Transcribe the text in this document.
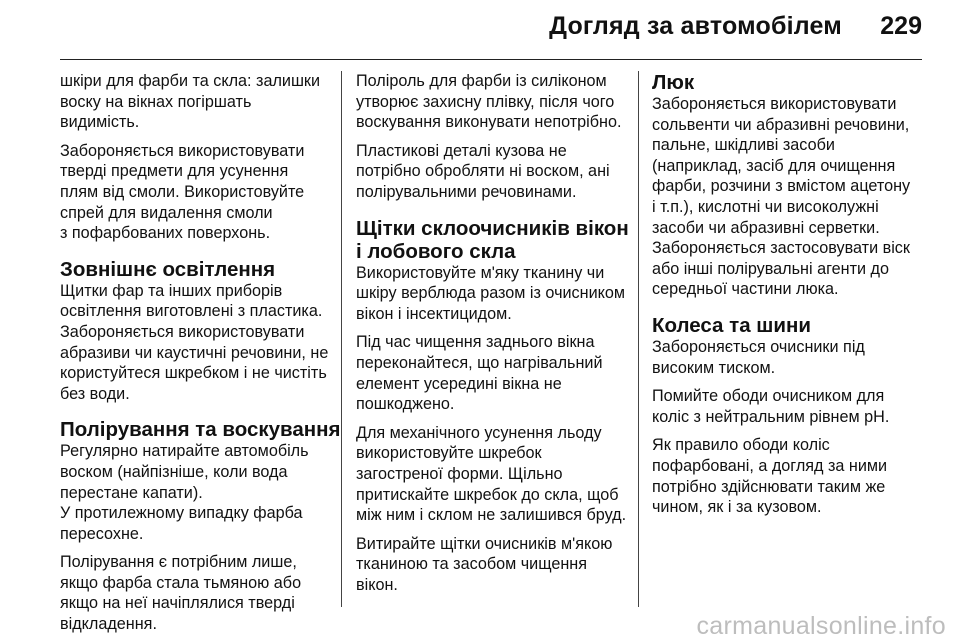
Догляд за автомобілем 229
шкіри для фарби та скла: залишки
воску на вікнах погіршать
видимість.
Забороняється використовувати
тверді предмети для усунення
плям від смоли. Використовуйте
спрей для видалення смоли
з пофарбованих поверхонь.
Зовнішнє освітлення
Щитки фар та інших приборів
освітлення виготовлені з пластика.
Забороняється використовувати
абразиви чи каустичні речовини, не
користуйтеся шкребком і не чистіть
без води.
Полірування та воскування
Регулярно натирайте автомобіль
воском (найпізніше, коли вода
перестане капати).
У протилежному випадку фарба
пересохне.
Полірування є потрібним лише,
якщо фарба стала тьмяною або
якщо на неї начіплялися тверді
відкладення.
Поліроль для фарби із силіконом
утворює захисну плівку, після чого
воскування виконувати непотрібно.
Пластикові деталі кузова не
потрібно обробляти ні воском, ані
полірувальними речовинами.
Щітки склоочисників вікон
і лобового скла
Використовуйте м'яку тканину чи
шкіру верблюда разом із очисником
вікон і інсектицидом.
Під час чищення заднього вікна
переконайтеся, що нагрівальний
елемент усередині вікна не
пошкоджено.
Для механічного усунення льоду
використовуйте шкребок
загостреної форми. Щільно
притискайте шкребок до скла, щоб
між ним і склом не залишився бруд.
Витирайте щітки очисників м'якою
тканиною та засобом чищення
вікон.
Люк
Забороняється використовувати
сольвенти чи абразивні речовини,
пальне, шкідливі засоби
(наприклад, засіб для очищення
фарби, розчини з вмістом ацетону
і т.п.), кислотні чи високолужні
засоби чи абразивні серветки.
Забороняється застосовувати віск
або інші полірувальні агенти до
середньої частини люка.
Колеса та шини
Забороняється очисники під
високим тиском.
Помийте ободи очисником для
коліс з нейтральним рівнем pH.
Як правило ободи коліс
пофарбовані, а догляд за ними
потрібно здійснювати таким же
чином, як і за кузовом.
carmanualsonline.info
